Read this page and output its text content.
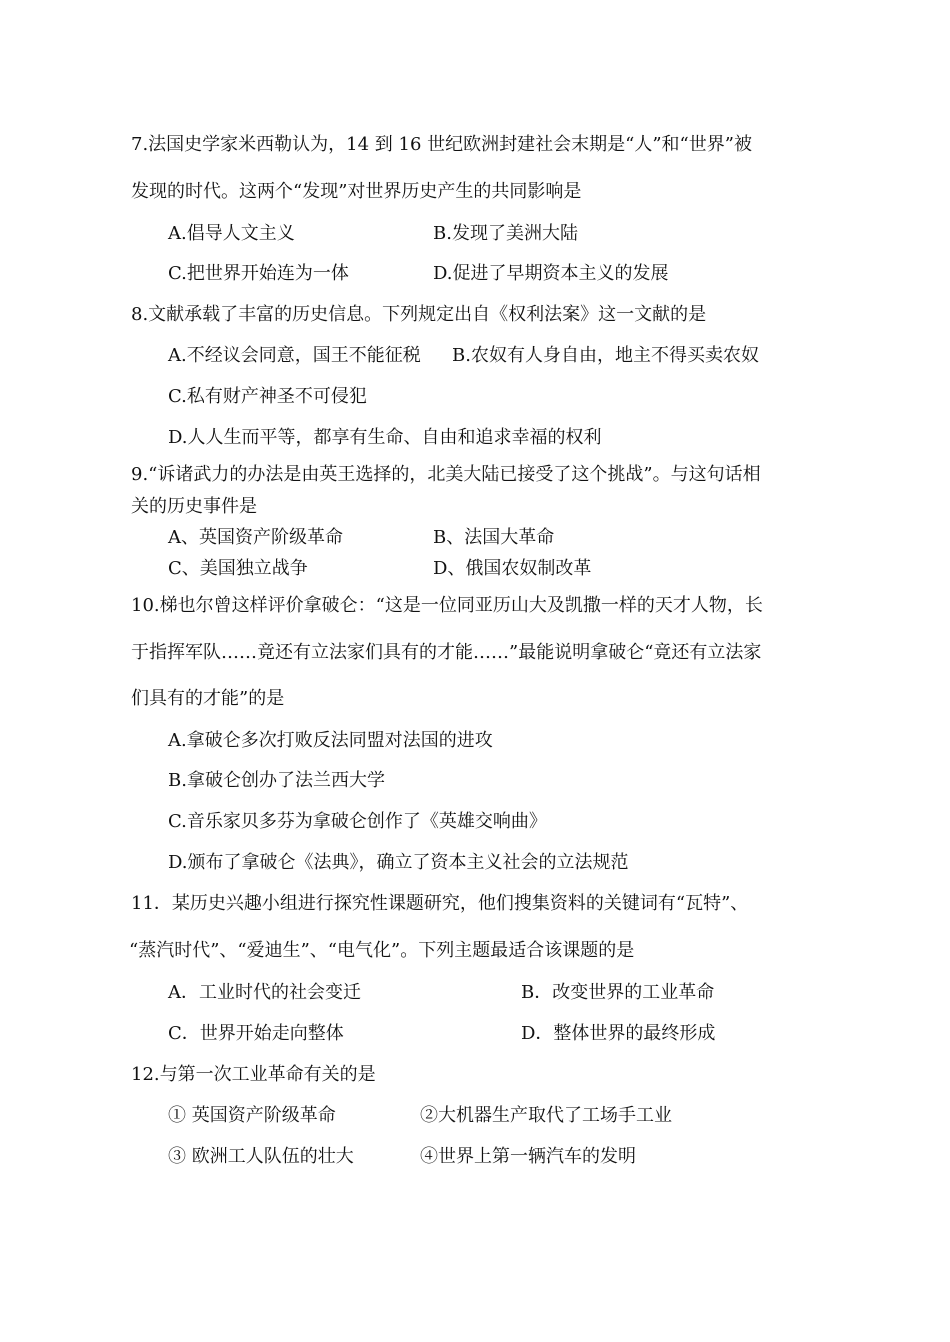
7.法国史学家米西勒认为，14 到 16 世纪欧洲封建社会末期是“人”和“世界”被
发现的时代。这两个“发现”对世界历史产生的共同影响是
A.倡导人文主义	B.发现了美洲大陆
C.把世界开始连为一体	D.促进了早期资本主义的发展
8.文献承载了丰富的历史信息。下列规定出自《权利法案》这一文献的是
A.不经议会同意，国王不能征税 B.农奴有人身自由，地主不得买卖农奴
C.私有财产神圣不可侵犯
D.人人生而平等，都享有生命、自由和追求幸福的权利
9.“诉诸武力的办法是由英王选择的，北美大陆已接受了这个挑战”。与这句话相
关的历史事件是
A、英国资产阶级革命	B、法国大革命
C、美国独立战争	D、俄国农奴制改革
10.梯也尔曾这样评价拿破仑：“这是一位同亚历山大及凯撒一样的天才人物，长
于指挥军队……竟还有立法家们具有的才能……”最能说明拿破仑“竟还有立法家
们具有的才能”的是
A.拿破仑多次打败反法同盟对法国的进攻
B.拿破仑创办了法兰西大学
C.音乐家贝多芬为拿破仑创作了《英雄交响曲》
D.颁布了拿破仑《法典》，确立了资本主义社会的立法规范
11．某历史兴趣小组进行探究性课题研究，他们搜集资料的关键词有“瓦特”、
“蒸汽时代”、“爱迪生”、“电气化”。下列主题最适合该课题的是
A．工业时代的社会变迁	B．改变世界的工业革命
C．世界开始走向整体	D．整体世界的最终形成
12.与第一次工业革命有关的是
① 英国资产阶级革命	②大机器生产取代了工场手工业
③ 欧洲工人队伍的壮大	④世界上第一辆汽车的发明
